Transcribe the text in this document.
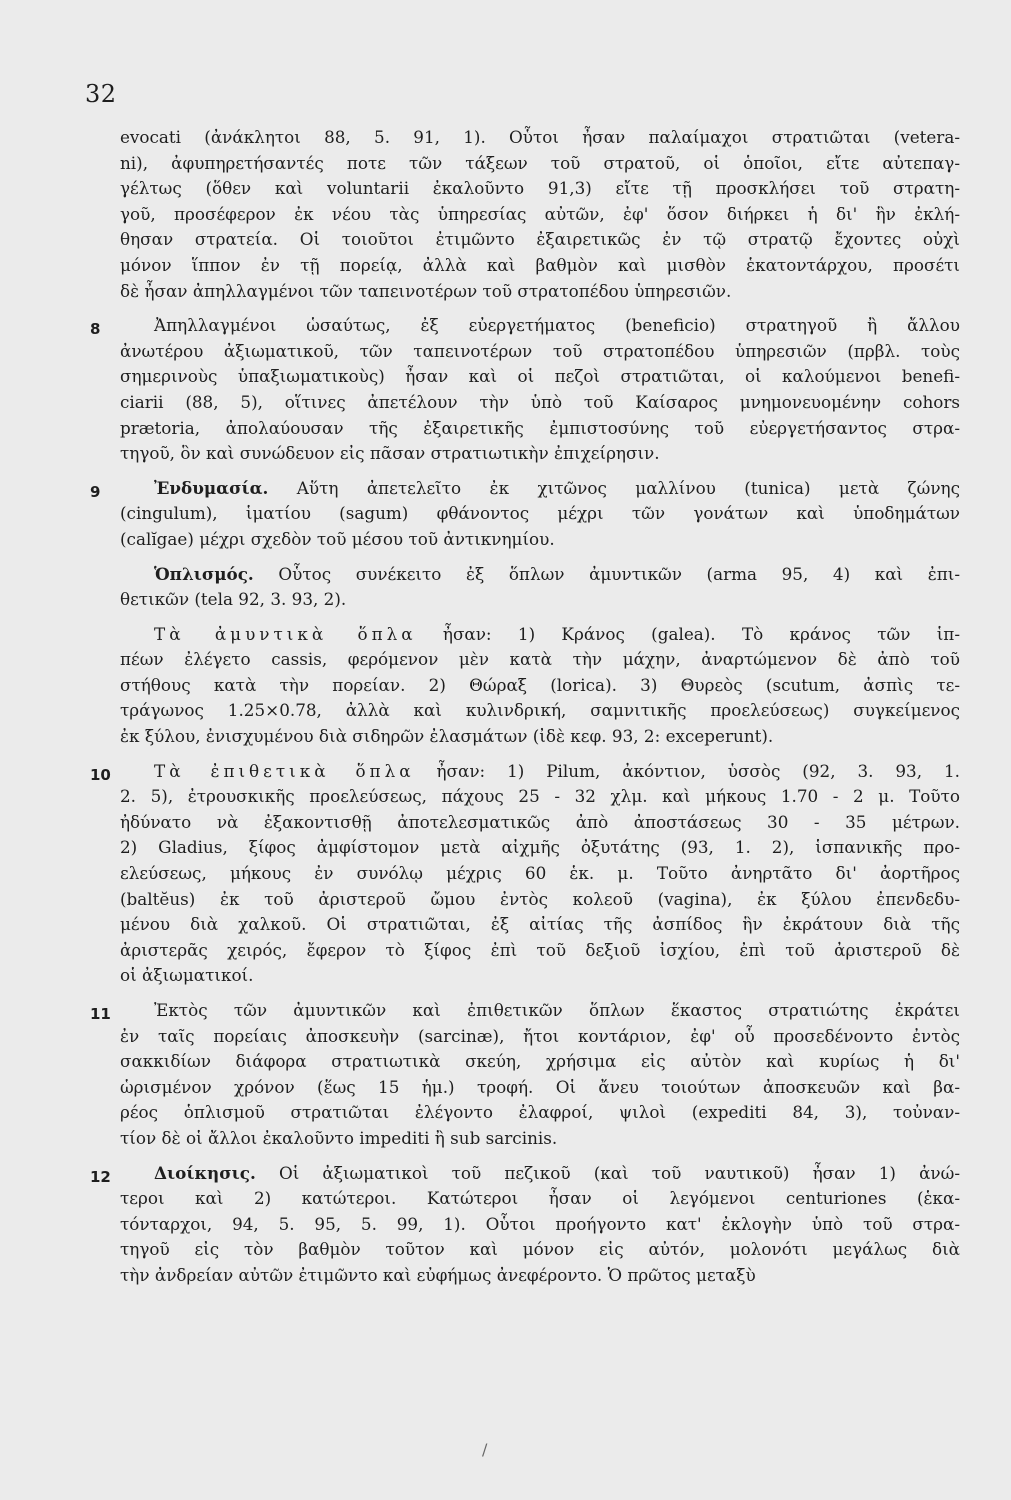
32
evocati (ἀνάκλητοι 88, 5. 91, 1). Οὗτοι ἦσαν παλαίμαχοι στρατιῶται (vetera-
ni), ἀφυπηρετήσαντές ποτε τῶν τάξεων τοῦ στρατοῦ, οἱ ὁποῖοι, εἴτε αὐτεπαγ-
γέλτως (ὅθεν καὶ voluntarii ἐκαλοῦντο 91,3) εἴτε τῇ προσκλήσει τοῦ στρατη-
γοῦ, προσέφερον ἐκ νέου τὰς ὑπηρεσίας αὐτῶν, ἐφ' ὅσον διήρκει ἡ δι' ἣν ἐκλή-
θησαν στρατεία. Οἱ τοιοῦτοι ἐτιμῶντο ἐξαιρετικῶς ἐν τῷ στρατῷ ἔχοντες οὐχὶ
μόνον ἵππον ἐν τῇ πορείᾳ, ἀλλὰ καὶ βαθμὸν καὶ μισθὸν ἑκατοντάρχου, προσέτι
δὲ ἦσαν ἀπηλλαγμένοι τῶν ταπεινοτέρων τοῦ στρατοπέδου ὑπηρεσιῶν.
8	Ἀπηλλαγμένοι ὡσαύτως, ἐξ εὐεργετήματος (beneficio) στρατηγοῦ ἢ ἄλλου
ἀνωτέρου ἀξιωματικοῦ, τῶν ταπεινοτέρων τοῦ στρατοπέδου ὑπηρεσιῶν (πρβλ. τοὺς
σημερινοὺς ὑπαξιωματικοὺς) ἦσαν καὶ οἱ πεζοὶ στρατιῶται, οἱ καλούμενοι benefi-
ciarii (88, 5), οἵτινες ἀπετέλουν τὴν ὑπὸ τοῦ Καίσαρος μνημονευομένην cohors
prætoria, ἀπολαύουσαν τῆς ἐξαιρετικῆς ἐμπιστοσύνης τοῦ εὐεργετήσαντος στρα-
τηγοῦ, ὃν καὶ συνώδευον εἰς πᾶσαν στρατιωτικὴν ἐπιχείρησιν.
9	Ἐνδυμασία. Αὕτη ἀπετελεῖτο ἐκ χιτῶνος μαλλίνου (tunica) μετὰ ζώνης
(cingulum), ἱματίου (sagum) φθάνοντος μέχρι τῶν γονάτων καὶ ὑποδημάτων
(calĭgae) μέχρι σχεδὸν τοῦ μέσου τοῦ ἀντικνημίου.
Ὁπλισμός. Οὗτος συνέκειτο ἐξ ὅπλων ἀμυντικῶν (arma 95, 4) καὶ ἐπι-
θετικῶν (tela 92, 3. 93, 2).
Τὰ ἀμυντικὰ ὅπλα ἦσαν: 1) Κράνος (galea). Τὸ κράνος τῶν ἱπ-
πέων ἐλέγετο cassis, φερόμενον μὲν κατὰ τὴν μάχην, ἀναρτώμενον δὲ ἀπὸ τοῦ
στήθους κατὰ τὴν πορείαν. 2) Θώραξ (lorica). 3) Θυρεὸς (scutum, ἀσπὶς τε-
τράγωνος 1.25×0.78, ἀλλὰ καὶ κυλινδρική, σαμνιτικῆς προελεύσεως) συγκείμενος
ἐκ ξύλου, ἐνισχυμένου διὰ σιδηρῶν ἐλασμάτων (ἰδὲ κεφ. 93, 2: exceperunt).
10	Τὰ ἐπιθετικὰ ὅπλα ἦσαν: 1) Pilum, ἀκόντιον, ὑσσὸς (92, 3. 93, 1.
2. 5), ἐτρουσκικῆς προελεύσεως, πάχους 25 - 32 χλμ. καὶ μήκους 1.70 - 2 μ. Τοῦτο
ἠδύνατο νὰ ἐξακοντισθῇ ἀποτελεσματικῶς ἀπὸ ἀποστάσεως 30 - 35 μέτρων.
2) Gladius, ξίφος ἀμφίστομον μετὰ αἰχμῆς ὀξυτάτης (93, 1. 2), ἱσπανικῆς προ-
ελεύσεως, μήκους ἐν συνόλῳ μέχρις 60 ἑκ. μ. Τοῦτο ἀνηρτᾶτο δι' ἀορτῆρος
(baltĕus) ἐκ τοῦ ἀριστεροῦ ὤμου ἐντὸς κολεοῦ (vagina), ἐκ ξύλου ἐπενδεδυ-
μένου διὰ χαλκοῦ. Οἱ στρατιῶται, ἐξ αἰτίας τῆς ἀσπίδος ἣν ἐκράτουν διὰ τῆς
ἀριστερᾶς χειρός, ἔφερον τὸ ξίφος ἐπὶ τοῦ δεξιοῦ ἰσχίου, ἐπὶ τοῦ ἀριστεροῦ δὲ
οἱ ἀξιωματικοί.
11	Ἐκτὸς τῶν ἀμυντικῶν καὶ ἐπιθετικῶν ὅπλων ἕκαστος στρατιώτης ἐκράτει
ἐν ταῖς πορείαις ἀποσκευὴν (sarcinæ), ἤτοι κοντάριον, ἐφ' οὗ προσεδένοντο ἐντὸς
σακκιδίων διάφορα στρατιωτικὰ σκεύη, χρήσιμα εἰς αὐτὸν καὶ κυρίως ἡ δι'
ὡρισμένον χρόνον (ἕως 15 ἡμ.) τροφή. Οἱ ἄνευ τοιούτων ἀποσκευῶν καὶ βα-
ρέος ὁπλισμοῦ στρατιῶται ἐλέγοντο ἐλαφροί, ψιλοὶ (expediti 84, 3), τοὐναν-
τίον δὲ οἱ ἄλλοι ἐκαλοῦντο impediti ἢ sub sarcinis.
12	Διοίκησις. Οἱ ἀξιωματικοὶ τοῦ πεζικοῦ (καὶ τοῦ ναυτικοῦ) ἦσαν 1) ἀνώ-
τεροι καὶ 2) κατώτεροι. Κατώτεροι ἦσαν οἱ λεγόμενοι centuriones (ἑκα-
τόνταρχοι, 94, 5. 95, 5. 99, 1). Οὗτοι προήγοντο κατ' ἐκλογὴν ὑπὸ τοῦ στρα-
τηγοῦ εἰς τὸν βαθμὸν τοῦτον καὶ μόνον εἰς αὐτόν, μολονότι μεγάλως διὰ
τὴν ἀνδρείαν αὐτῶν ἐτιμῶντο καὶ εὐφήμως ἀνεφέροντο. Ὁ πρῶτος μεταξὺ
/
